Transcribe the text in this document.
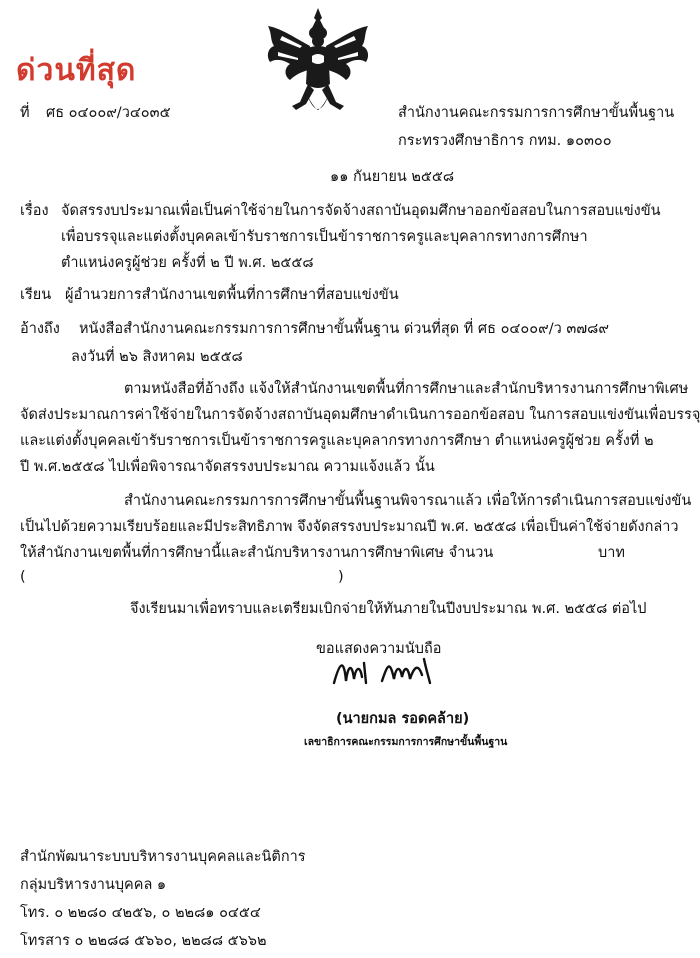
ด่วนที่สุด
ที่ ศธ ๐๔๐๐๙/ว๔๐๓๕	สำนักงานคณะกรรมการการศึกษาขั้นพื้นฐาน
กระทรวงศึกษาธิการ กทม. ๑๐๓๐๐
๑๑ กันยายน ๒๕๕๘
เรื่อง จัดสรรงบประมาณเพื่อเป็นค่าใช้จ่ายในการจัดจ้างสถาบันอุดมศึกษาออกข้อสอบในการสอบแข่งขัน
เพื่อบรรจุและแต่งตั้งบุคคลเข้ารับราชการเป็นข้าราชการครูและบุคลากรทางการศึกษา
ตำแหน่งครูผู้ช่วย ครั้งที่ ๒ ปี พ.ศ. ๒๕๕๘
เรียน ผู้อำนวยการสำนักงานเขตพื้นที่การศึกษาที่สอบแข่งขัน
อ้างถึง หนังสือสำนักงานคณะกรรมการการศึกษาขั้นพื้นฐาน ด่วนที่สุด ที่ ศธ ๐๔๐๐๙/ว ๓๗๘๙
ลงวันที่ ๒๖ สิงหาคม ๒๕๕๘
ตามหนังสือที่อ้างถึง แจ้งให้สำนักงานเขตพื้นที่การศึกษาและสำนักบริหารงานการศึกษาพิเศษ
จัดส่งประมาณการค่าใช้จ่ายในการจัดจ้างสถาบันอุดมศึกษาดำเนินการออกข้อสอบ ในการสอบแข่งขันเพื่อบรรจุ
และแต่งตั้งบุคคลเข้ารับราชการเป็นข้าราชการครูและบุคลากรทางการศึกษา ตำแหน่งครูผู้ช่วย ครั้งที่ ๒
ปี พ.ศ.๒๕๕๘ ไปเพื่อพิจารณาจัดสรรงบประมาณ ความแจ้งแล้ว นั้น
สำนักงานคณะกรรมการการศึกษาขั้นพื้นฐานพิจารณาแล้ว เพื่อให้การดำเนินการสอบแข่งขัน
เป็นไปด้วยความเรียบร้อยและมีประสิทธิภาพ จึงจัดสรรงบประมาณปี พ.ศ. ๒๕๕๘ เพื่อเป็นค่าใช้จ่ายดังกล่าว
ให้สำนักงานเขตพื้นที่การศึกษานี้และสำนักบริหารงานการศึกษาพิเศษ จำนวน	บาท
(	)
จึงเรียนมาเพื่อทราบและเตรียมเบิกจ่ายให้ทันภายในปีงบประมาณ พ.ศ. ๒๕๕๘ ต่อไป
ขอแสดงความนับถือ
(นายกมล รอดคล้าย)
เลขาธิการคณะกรรมการการศึกษาขั้นพื้นฐาน
สำนักพัฒนาระบบบริหารงานบุคคลและนิติการ
กลุ่มบริหารงานบุคคล ๑
โทร. ๐ ๒๒๘๐ ๔๒๕๖, ๐ ๒๒๘๑ ๐๔๕๔
โทรสาร ๐ ๒๒๘๘ ๕๖๖๐, ๒๒๘๘ ๕๖๖๒
